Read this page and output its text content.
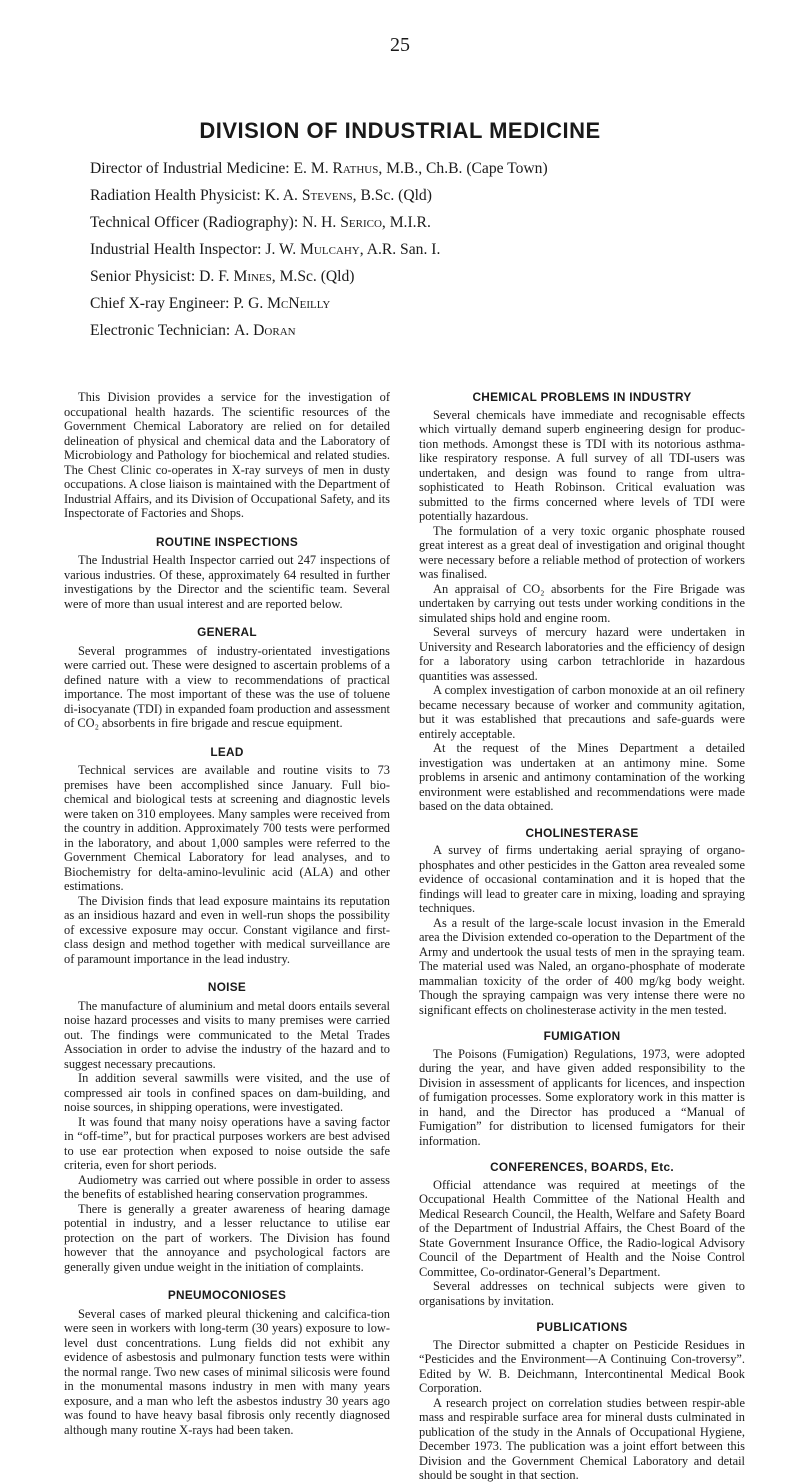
25
DIVISION OF INDUSTRIAL MEDICINE
Director of Industrial Medicine: E. M. Rathus, M.B., Ch.B. (Cape Town)
Radiation Health Physicist: K. A. Stevens, B.Sc. (Qld)
Technical Officer (Radiography): N. H. Serico, M.I.R.
Industrial Health Inspector: J. W. Mulcahy, A.R. San. I.
Senior Physicist: D. F. Mines, M.Sc. (Qld)
Chief X-ray Engineer: P. G. McNeilly
Electronic Technician: A. Doran

This Division provides a service for the investigation of occupational health hazards. The scientific resources of the Government Chemical Laboratory are relied on for detailed delineation of physical and chemical data and the Laboratory of Microbiology and Pathology for biochemical and related studies. The Chest Clinic co-operates in X-ray surveys of men in dusty occupations. A close liaison is maintained with the Department of Industrial Affairs, and its Division of Occupational Safety, and its Inspectorate of Factories and Shops.

ROUTINE INSPECTIONS

The Industrial Health Inspector carried out 247 inspections of various industries. Of these, approximately 64 resulted in further investigations by the Director and the scientific team. Several were of more than usual interest and are reported below.

GENERAL

Several programmes of industry-orientated investigations were carried out. These were designed to ascertain problems of a defined nature with a view to recommendations of practical importance. The most important of these was the use of toluene di-isocyanate (TDI) in expanded foam production and assessment of CO₂ absorbents in fire brigade and rescue equipment.

LEAD

Technical services are available and routine visits to 73 premises have been accomplished since January. Full bio-chemical and biological tests at screening and diagnostic levels were taken on 310 employees. Many samples were received from the country in addition. Approximately 700 tests were performed in the laboratory, and about 1,000 samples were referred to the Government Chemical Laboratory for lead analyses, and to Biochemistry for delta-amino-levulinic acid (ALA) and other estimations.

The Division finds that lead exposure maintains its reputation as an insidious hazard and even in well-run shops the possibility of excessive exposure may occur. Constant vigilance and first-class design and method together with medical surveillance are of paramount importance in the lead industry.

NOISE

The manufacture of aluminium and metal doors entails several noise hazard processes and visits to many premises were carried out. The findings were communicated to the Metal Trades Association in order to advise the industry of the hazard and to suggest necessary precautions.

In addition several sawmills were visited, and the use of compressed air tools in confined spaces on dam-building, and noise sources, in shipping operations, were investigated.

It was found that many noisy operations have a saving factor in “off-time”, but for practical purposes workers are best advised to use ear protection when exposed to noise outside the safe criteria, even for short periods.

Audiometry was carried out where possible in order to assess the benefits of established hearing conservation programmes.

There is generally a greater awareness of hearing damage potential in industry, and a lesser reluctance to utilise ear protection on the part of workers. The Division has found however that the annoyance and psychological factors are generally given undue weight in the initiation of complaints.

PNEUMOCONIOSES

Several cases of marked pleural thickening and calcifica-tion were seen in workers with long-term (30 years) exposure to low-level dust concentrations. Lung fields did not exhibit any evidence of asbestosis and pulmonary function tests were within the normal range. Two new cases of minimal silicosis were found in the monumental masons industry in men with many years exposure, and a man who left the asbestos industry 30 years ago was found to have heavy basal fibrosis only recently diagnosed although many routine X-rays had been taken.

CHEMICAL PROBLEMS IN INDUSTRY

Several chemicals have immediate and recognisable effects which virtually demand superb engineering design for produc-tion methods. Amongst these is TDI with its notorious asthma-like respiratory response. A full survey of all TDI-users was undertaken, and design was found to range from ultra-sophisticated to Heath Robinson. Critical evaluation was submitted to the firms concerned where levels of TDI were potentially hazardous.

The formulation of a very toxic organic phosphate roused great interest as a great deal of investigation and original thought were necessary before a reliable method of protection of workers was finalised.

An appraisal of CO₂ absorbents for the Fire Brigade was undertaken by carrying out tests under working conditions in the simulated ships hold and engine room.

Several surveys of mercury hazard were undertaken in University and Research laboratories and the efficiency of design for a laboratory using carbon tetrachloride in hazardous quantities was assessed.

A complex investigation of carbon monoxide at an oil refinery became necessary because of worker and community agitation, but it was established that precautions and safe-guards were entirely acceptable.

At the request of the Mines Department a detailed investigation was undertaken at an antimony mine. Some problems in arsenic and antimony contamination of the working environment were established and recommendations were made based on the data obtained.

CHOLINESTERASE

A survey of firms undertaking aerial spraying of organo-phosphates and other pesticides in the Gatton area revealed some evidence of occasional contamination and it is hoped that the findings will lead to greater care in mixing, loading and spraying techniques.

As a result of the large-scale locust invasion in the Emerald area the Division extended co-operation to the Department of the Army and undertook the usual tests of men in the spraying team. The material used was Naled, an organo-phosphate of moderate mammalian toxicity of the order of 400 mg/kg body weight. Though the spraying campaign was very intense there were no significant effects on cholinesterase activity in the men tested.

FUMIGATION

The Poisons (Fumigation) Regulations, 1973, were adopted during the year, and have given added responsibility to the Division in assessment of applicants for licences, and inspection of fumigation processes. Some exploratory work in this matter is in hand, and the Director has produced a “Manual of Fumigation” for distribution to licensed fumigators for their information.

CONFERENCES, BOARDS, Etc.

Official attendance was required at meetings of the Occupational Health Committee of the National Health and Medical Research Council, the Health, Welfare and Safety Board of the Department of Industrial Affairs, the Chest Board of the State Government Insurance Office, the Radio-logical Advisory Council of the Department of Health and the Noise Control Committee, Co-ordinator-General’s Department.

Several addresses on technical subjects were given to organisations by invitation.

PUBLICATIONS

The Director submitted a chapter on Pesticide Residues in “Pesticides and the Environment—A Continuing Con-troversy”. Edited by W. B. Deichmann, Intercontinental Medical Book Corporation.

A research project on correlation studies between respir-able mass and respirable surface area for mineral dusts culminated in publication of the study in the Annals of Occupational Hygiene, December 1973. The publication was a joint effort between this Division and the Government Chemical Laboratory and detail should be sought in that section.
